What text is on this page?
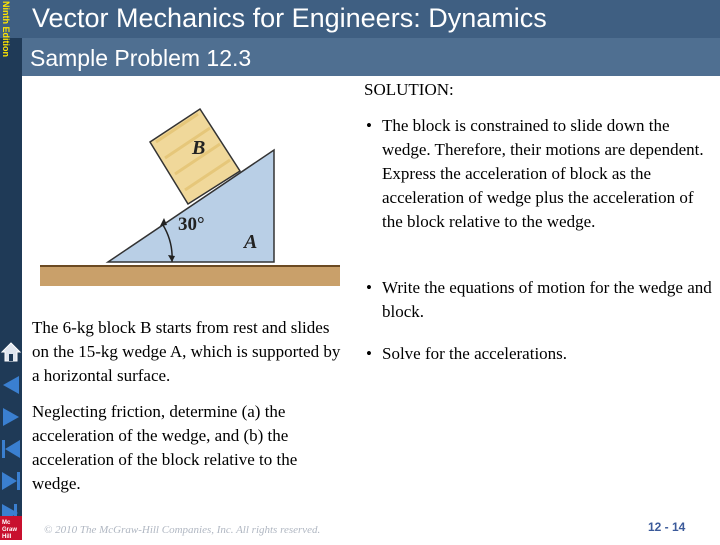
Mc
Graw
Hill
Ninth Edition Vector Mechanics for Engineers: Dynamics
Sample Problem 12.3
B
A
30°
The 6-kg block B starts from rest and slides on the 15-kg wedge A, which is supported by a horizontal surface.
Neglecting friction, determine (a) the acceleration of the wedge, and (b) the acceleration of the block relative to the wedge.
SOLUTION:
• The block is constrained to slide down the wedge. Therefore, their motions are dependent. Express the acceleration of block as the acceleration of wedge plus the acceleration of the block relative to the wedge.
• Write the equations of motion for the wedge and block.
• Solve for the accelerations.
© 2010 The McGraw-Hill Companies, Inc. All rights reserved.	12 - 14
